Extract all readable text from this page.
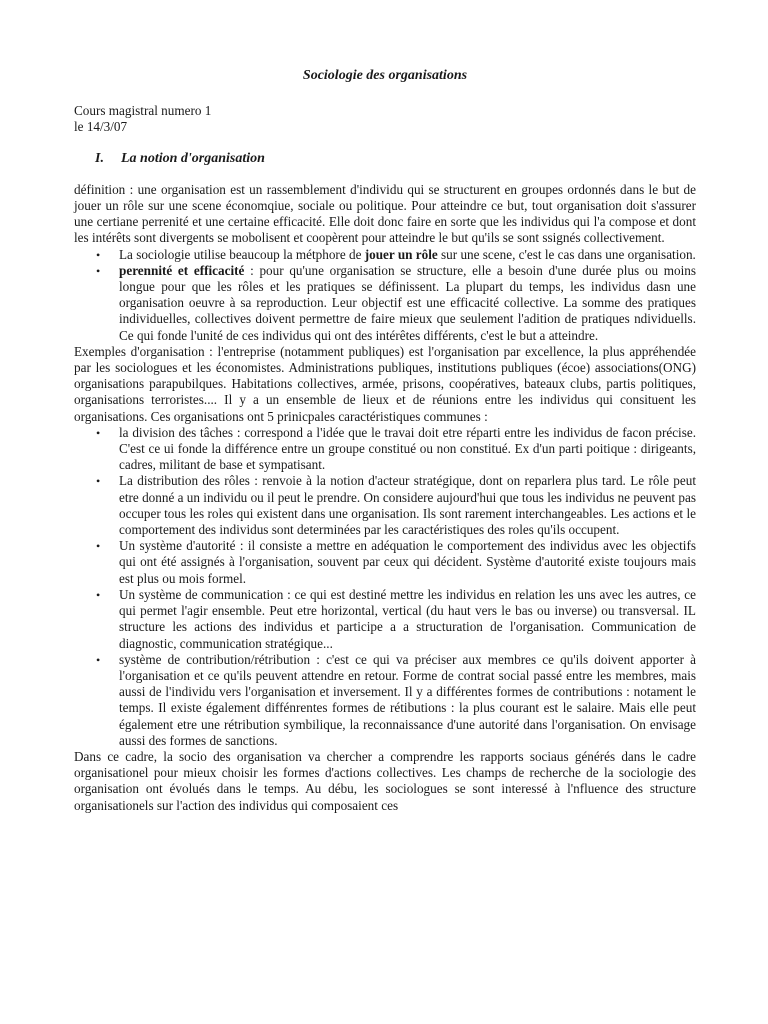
Sociologie des organisations

Cours magistral numero 1

le 14/3/07

I. La notion d'organisation

définition : une organisation est un rassemblement d'individu qui se structurent en groupes ordonnés dans le but de jouer un rôle sur une scene économqiue, sociale ou politique. Pour atteindre ce but, tout organisation doit s'assurer une certiane perrenité et une certaine efficacité. Elle doit donc faire en sorte que les individus qui l'a compose et dont les intérêts sont divergents se mobolisent et coopèrent pour atteindre le but qu'ils se sont ssignés collectivement.

• La sociologie utilise beaucoup la métphore de jouer un rôle sur une scene, c'est le cas dans une organisation.
• perennité et efficacité : pour qu'une organisation se structure, elle a besoin d'une durée plus ou moins longue pour que les rôles et les pratiques se définissent. La plupart du temps, les individus dasn une organisation oeuvre à sa reproduction. Leur objectif est une efficacité collective. La somme des pratiques individuelles, collectives doivent permettre de faire mieux que seulement l'adition de pratiques ndividuells. Ce qui fonde l'unité de ces individus qui ont des intérêtes différents, c'est le but a atteindre.

Exemples d'organisation : l'entreprise (notamment publiques) est l'organisation par excellence, la plus appréhendée par les sociologues et les économistes. Administrations publiques, institutions publiques (écoe) associations(ONG) organisations parapubilques. Habitations collectives, armée, prisons, coopératives, bateaux clubs, partis politiques, organisations terroristes.... Il y a un ensemble de lieux et de réunions entre les individus qui consituent les organisations. Ces organisations ont 5 prinicpales caractéristiques communes :

• la division des tâches : correspond a l'idée que le travai doit etre réparti entre les individus de facon précise. C'est ce ui fonde la différence entre un groupe constitué ou non constitué. Ex d'un parti poitique : dirigeants, cadres, militant de base et sympatisant.
• La distribution des rôles : renvoie à la notion d'acteur stratégique, dont on reparlera plus tard. Le rôle peut etre donné a un individu ou il peut le prendre. On considere aujourd'hui que tous les individus ne peuvent pas occuper tous les roles qui existent dans une organisation. Ils sont rarement interchangeables. Les actions et le comportement des individus sont determinées par les caractéristiques des roles qu'ils occupent.
• Un système d'autorité : il consiste a mettre en adéquation le comportement des individus avec les objectifs qui ont été assignés à l'organisation, souvent par ceux qui décident. Système d'autorité existe toujours mais est plus ou mois formel.
• Un système de communication : ce qui est destiné mettre les individus en relation les uns avec les autres, ce qui permet l'agir ensemble. Peut etre horizontal, vertical (du haut vers le bas ou inverse) ou transversal. IL structure les actions des individus et participe a a structuration de l'organisation. Communication de diagnostic, communication stratégique...
• système de contribution/rétribution : c'est ce qui va préciser aux membres ce qu'ils doivent apporter à l'organisation et ce qu'ils peuvent attendre en retour. Forme de contrat social passé entre les membres, mais aussi de l'individu vers l'organisation et inversement. Il y a différentes formes de contributions : notament le temps. Il existe également diffénrentes formes de rétibutions : la plus courant est le salaire. Mais elle peut également etre une rétribution symbilique, la reconnaissance d'une autorité dans l'organisation. On envisage aussi des formes de sanctions.

Dans ce cadre, la socio des organisation va chercher a comprendre les rapports sociaus générés dans le cadre organisationel pour mieux choisir les formes d'actions collectives. Les champs de recherche de la sociologie des organisation ont évolués dans le temps. Au débu, les sociologues se sont interessé à l'nfluence des structure organisationels sur l'action des individus qui composaient ces
